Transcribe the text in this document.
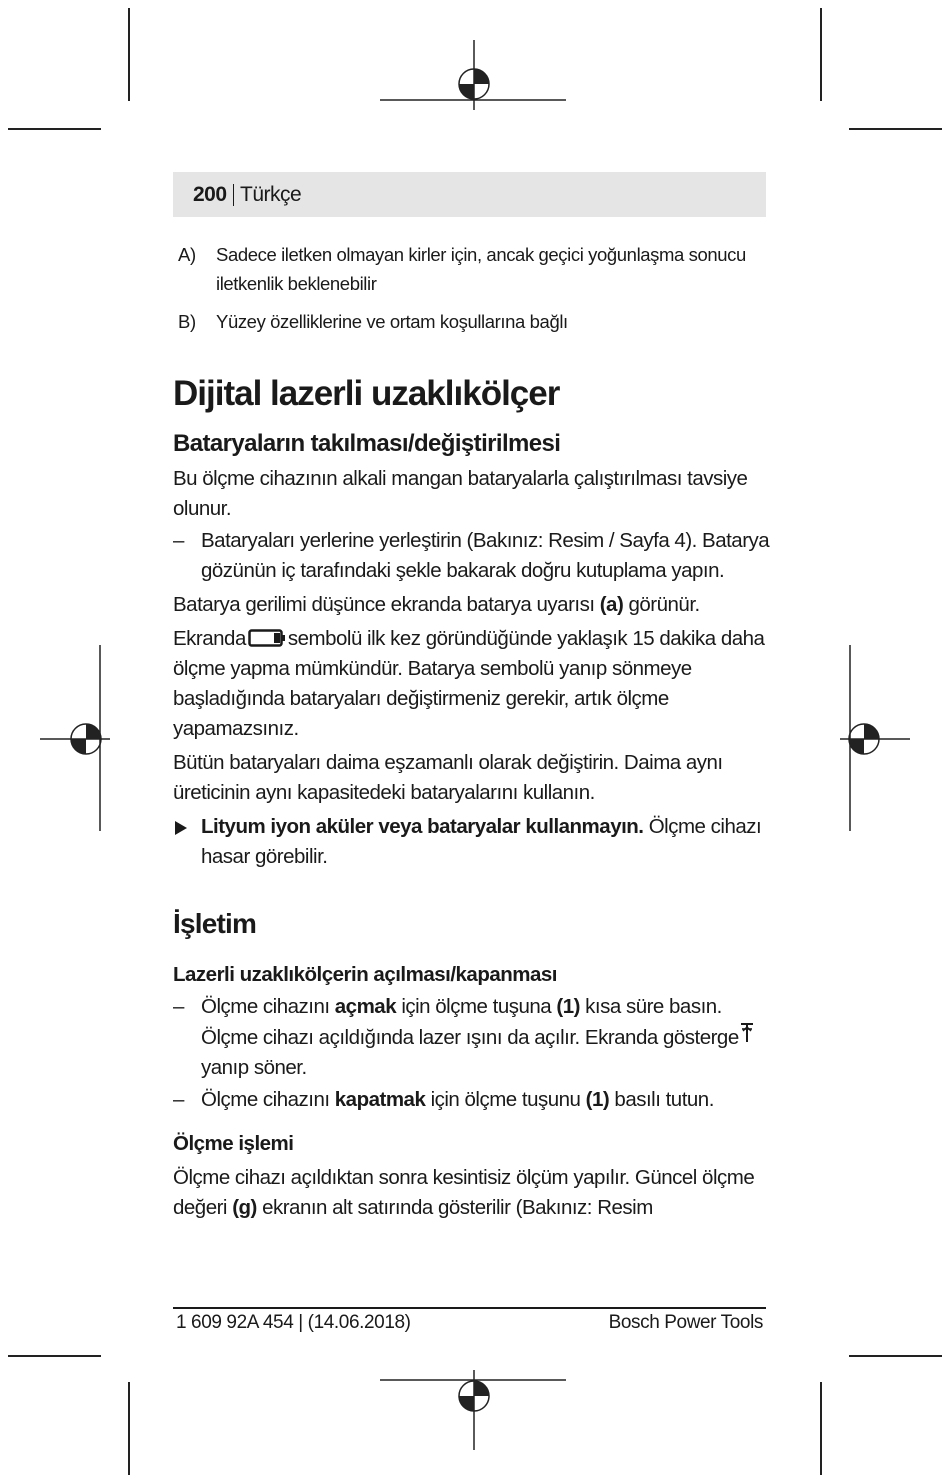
200 Türkçe
A) Sadece iletken olmayan kirler için, ancak geçici yoğunlaşma sonucu iletkenlik beklenebilir
B) Yüzey özelliklerine ve ortam koşullarına bağlı
Dijital lazerli uzaklıkölçer
Bataryaların takılması/değiştirilmesi

Bu ölçme cihazının alkali mangan bataryalarla çalıştırılması tavsiye olunur.

– Bataryaları yerlerine yerleştirin (Bakınız: Resim / Sayfa 4). Batarya gözünün iç tarafındaki şekle bakarak doğru kutuplama yapın.

Batarya gerilimi düşünce ekranda batarya uyarısı (a) görünür.

Ekranda sembolü ilk kez göründüğünde yaklaşık 15 dakika daha ölçme yapma mümkündür. Batarya sembolü yanıp sönmeye başladığında bataryaları değiştirmeniz gerekir, artık ölçme yapamazsınız.

Bütün bataryaları daima eşzamanlı olarak değiştirin. Daima aynı üreticinin aynı kapasitedeki bataryalarını kullanın.

Lityum iyon aküler veya bataryalar kullanmayın. Ölçme cihazı hasar görebilir.
İşletim
Lazerli uzaklıkölçerin açılması/kapanması
– Ölçme cihazını açmak için ölçme tuşuna (1) kısa süre basın. Ölçme cihazı açıldığında lazer ışını da açılır. Ekranda göstergeyanıp söner.
– Ölçme cihazını kapatmak için ölçme tuşunu (1) basılı tutun.
Ölçme işlemi

Ölçme cihazı açıldıktan sonra kesintisiz ölçüm yapılır. Güncel ölçme değeri (g) ekranın alt satırında gösterilir (Bakınız: Resim

1 609 92A 454 | (14.06.2018)	Bosch Power Tools
